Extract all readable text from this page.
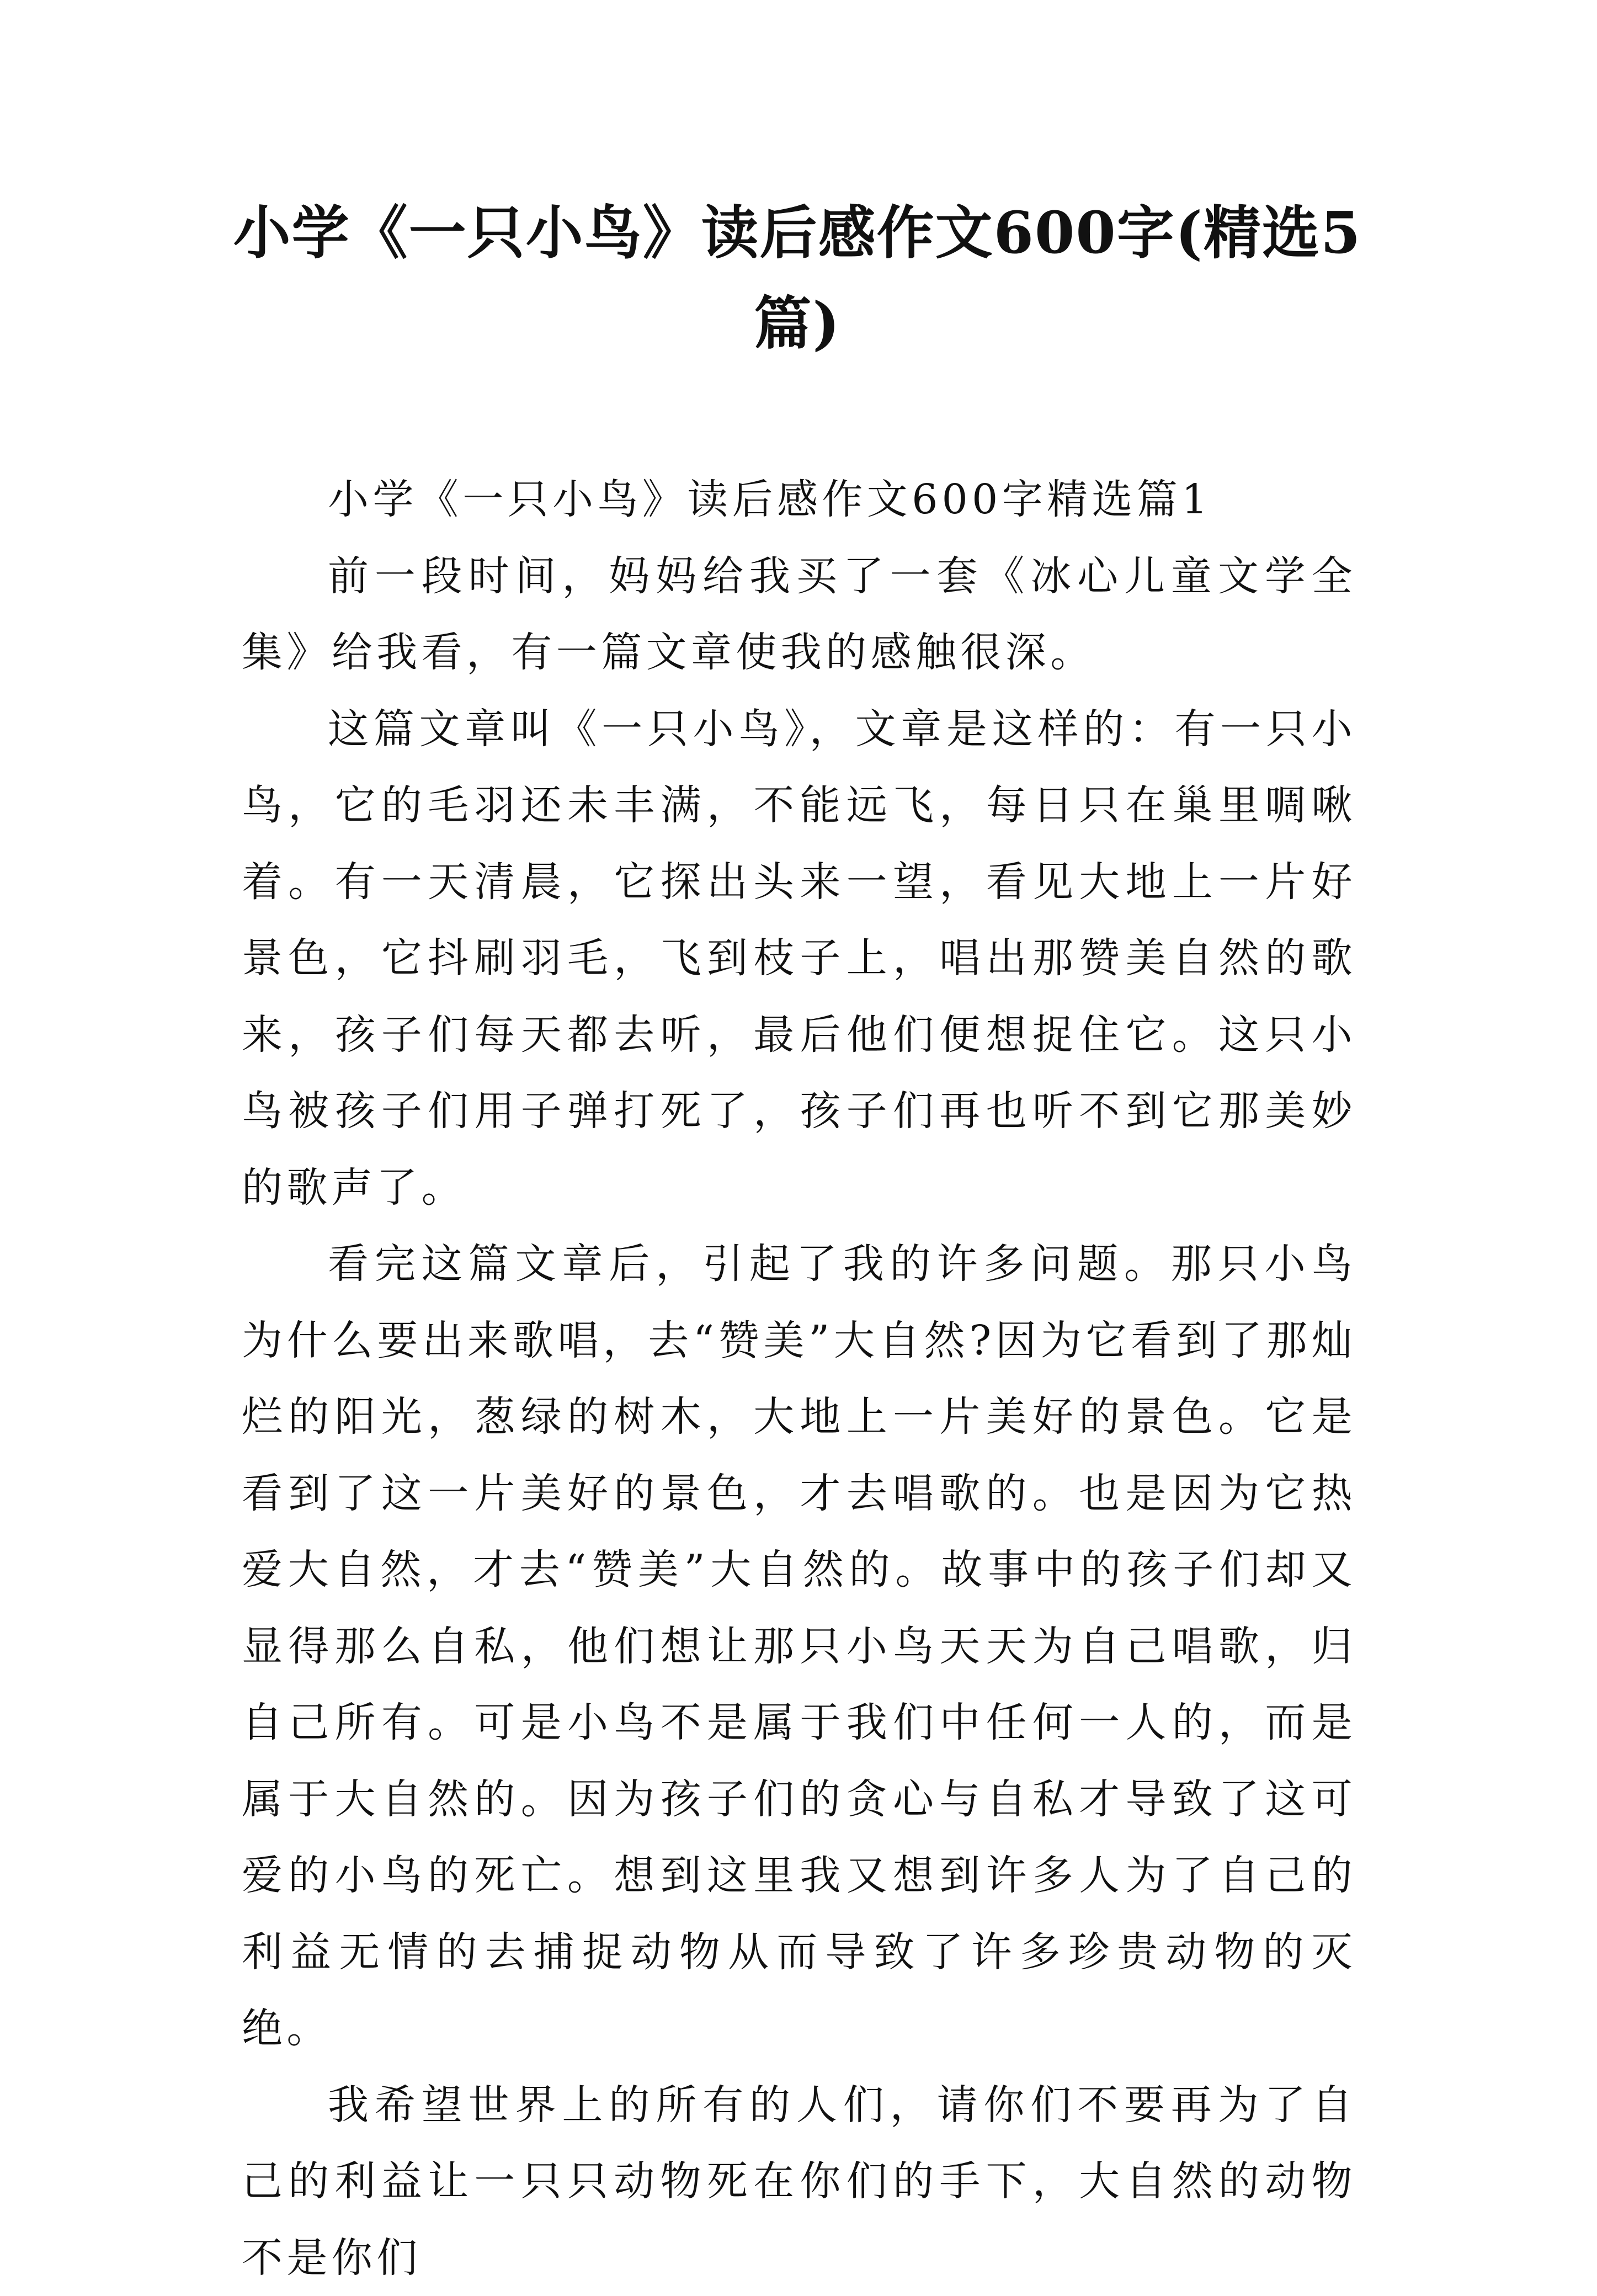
小学《一只小鸟》读后感作文600字(精选5篇)

小学《一只小鸟》读后感作文600字精选篇1

前一段时间，妈妈给我买了一套《冰心儿童文学全集》给我看，有一篇文章使我的感触很深。

这篇文章叫《一只小鸟》，文章是这样的：有一只小鸟，它的毛羽还未丰满，不能远飞，每日只在巢里啁啾着。有一天清晨，它探出头来一望，看见大地上一片好景色，它抖刷羽毛，飞到枝子上，唱出那赞美自然的歌来，孩子们每天都去听，最后他们便想捉住它。这只小鸟被孩子们用子弹打死了，孩子们再也听不到它那美妙的歌声了。

看完这篇文章后，引起了我的许多问题。那只小鸟为什么要出来歌唱，去“赞美”大自然?因为它看到了那灿烂的阳光，葱绿的树木，大地上一片美好的景色。它是看到了这一片美好的景色，才去唱歌的。也是因为它热爱大自然，才去“赞美”大自然的。故事中的孩子们却又显得那么自私，他们想让那只小鸟天天为自己唱歌，归自己所有。可是小鸟不是属于我们中任何一人的，而是属于大自然的。因为孩子们的贪心与自私才导致了这可爱的小鸟的死亡。想到这里我又想到许多人为了自己的利益无情的去捕捉动物从而导致了许多珍贵动物的灭绝。

我希望世界上的所有的人们，请你们不要再为了自己的利益让一只只动物死在你们的手下，大自然的动物不是你们
